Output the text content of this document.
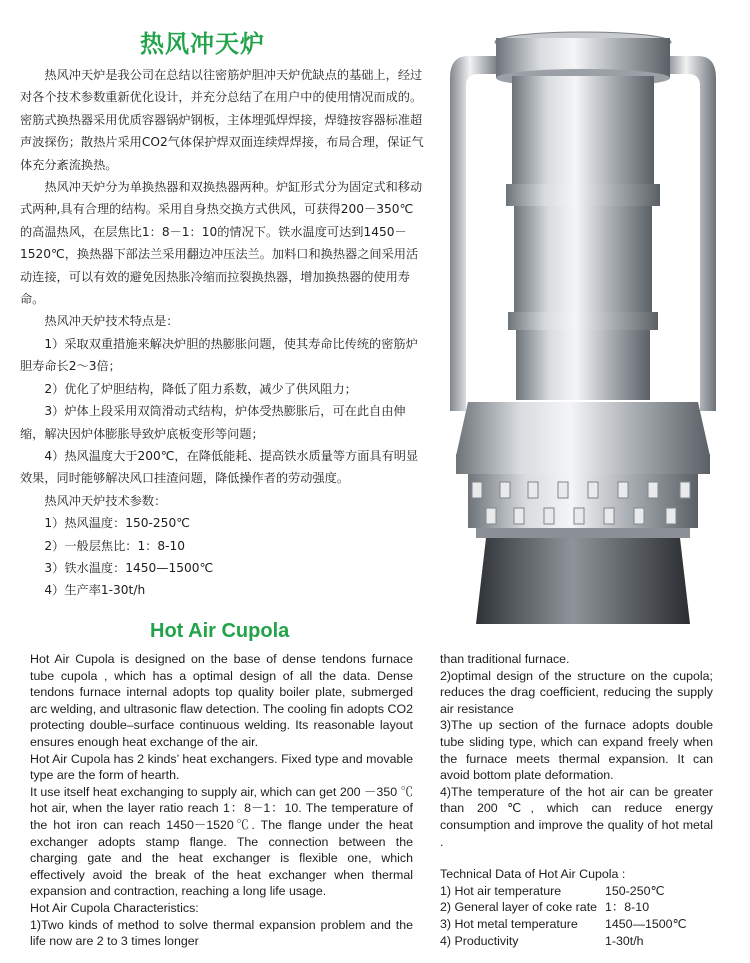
热风冲天炉

热风冲天炉是我公司在总结以往密筋炉胆冲天炉优缺点的基础上，经过对各个技术参数重新优化设计，并充分总结了在用户中的使用情况而成的。密筋式换热器采用优质容器锅炉钢板，主体埋弧焊焊接，焊缝按容器标准超声波探伤；散热片采用CO2气体保护焊双面连续焊焊接，布局合理，保证气体充分紊流换热。

热风冲天炉分为单换热器和双换热器两种。炉缸形式分为固定式和移动式两种,具有合理的结构。采用自身热交换方式供风，可获得200－350℃的高温热风，在层焦比1：8－1：10的情况下。铁水温度可达到1450－1520℃，换热器下部法兰采用翻边冲压法兰。加料口和换热器之间采用活动连接，可以有效的避免因热胀冷缩而拉裂换热器，增加换热器的使用寿命。

热风冲天炉技术特点是：

1）采取双重措施来解决炉胆的热膨胀问题，使其寿命比传统的密筋炉胆寿命长2～3倍；

2）优化了炉胆结构，降低了阻力系数，减少了供风阻力；

3）炉体上段采用双筒滑动式结构，炉体受热膨胀后，可在此自由伸缩，解决因炉体膨胀导致炉底板变形等问题；

4）热风温度大于200℃，在降低能耗、提高铁水质量等方面具有明显效果，同时能够解决风口挂渣问题，降低操作者的劳动强度。

热风冲天炉技术参数：

1）热风温度：150-250℃

2）一般层焦比：1：8-10

3）铁水温度：1450—1500℃

4）生产率1-30t/h

Hot Air Cupola

Hot Air Cupola is designed on the base of dense tendons furnace tube cupola , which has a optimal design of all the data. Dense tendons furnace internal adopts top quality boiler plate, submerged arc welding, and ultrasonic flaw detection. The cooling fin adopts CO2 protecting double–surface continuous welding. Its reasonable layout ensures enough heat exchange of the air.

Hot Air Cupola has 2 kinds’ heat exchangers. Fixed type and movable type are the form of hearth.

It use itself heat exchanging to supply air, which can get 200 －350 ℃ hot air, when the layer ratio reach 1：8－1：10. The temperature of the hot iron can reach 1450－1520℃. The flange under the heat exchanger adopts stamp flange. The connection between the charging gate and the heat exchanger is flexible one, which effectively avoid the break of the heat exchanger when thermal expansion and contraction, reaching a long life usage.

Hot Air Cupola Characteristics:

1)Two kinds of method to solve thermal expansion problem and the life now are 2 to 3 times longer

than traditional furnace.

2)optimal design of the structure on the cupola; reduces the drag coefficient, reducing the supply air resistance

3)The up section of the furnace adopts double tube sliding type, which can expand freely when the furnace meets thermal expansion. It can avoid bottom plate deformation.

4)The temperature of the hot air can be greater than 200℃, which can reduce energy consumption and improve the quality of hot metal .

Technical Data of Hot Air Cupola :

1) Hot air temperature	150-250℃
2) General layer of coke rate 1：8-10
3) Hot metal temperature	1450—1500℃
4) Productivity	1-30t/h
